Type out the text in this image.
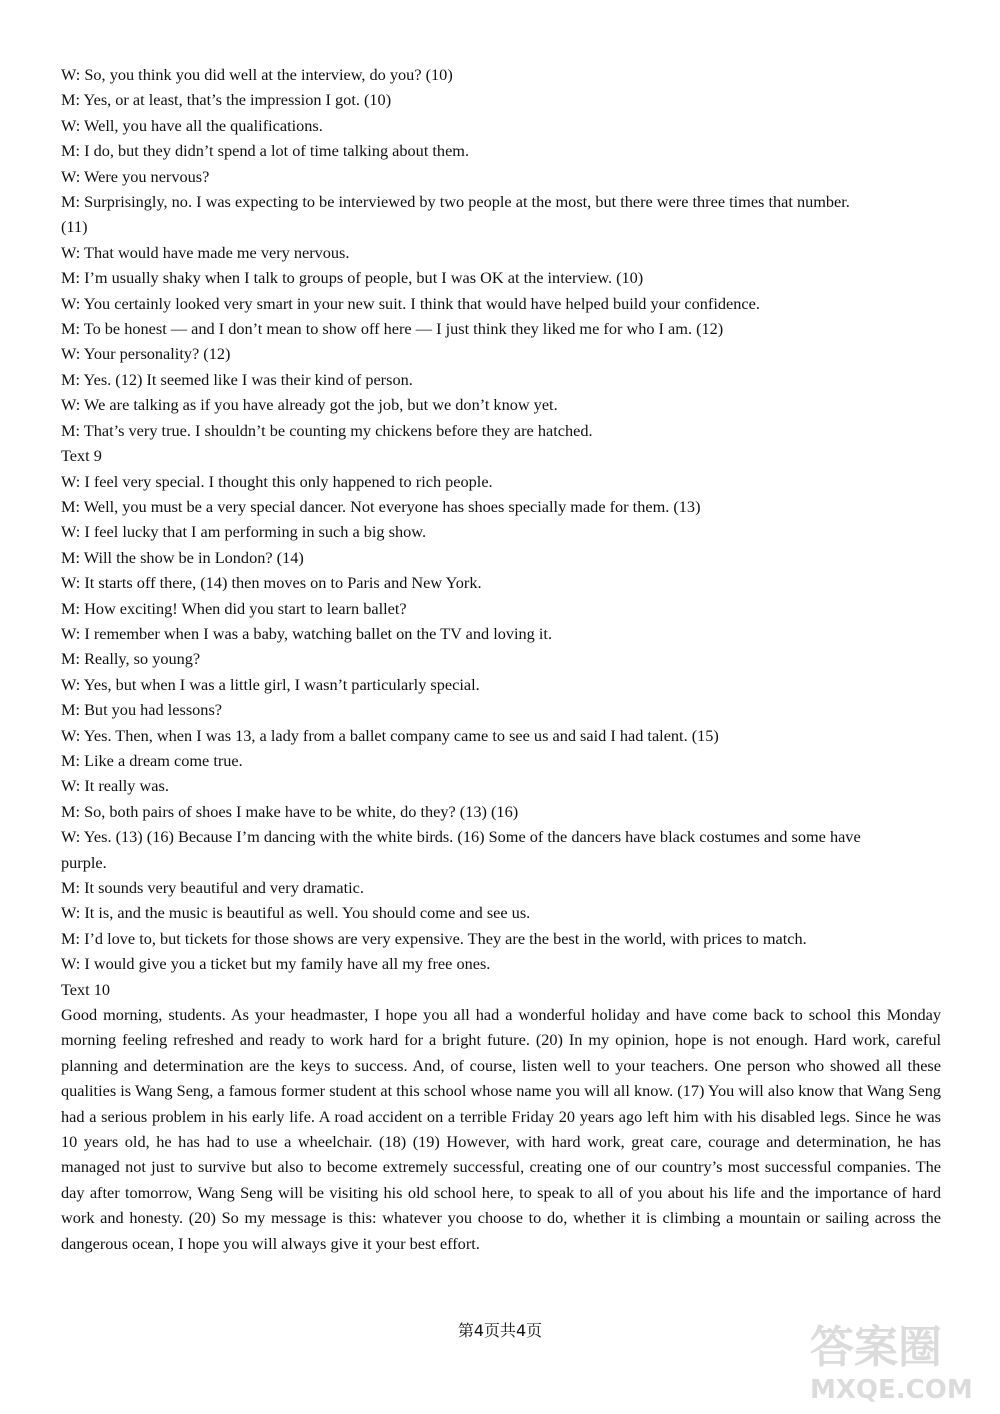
W: So, you think you did well at the interview, do you? (10)
M: Yes, or at least, that’s the impression I got. (10)
W: Well, you have all the qualifications.
M: I do, but they didn’t spend a lot of time talking about them.
W: Were you nervous?
M: Surprisingly, no. I was expecting to be interviewed by two people at the most, but there were three times that number.
(11)
W: That would have made me very nervous.
M: I’m usually shaky when I talk to groups of people, but I was OK at the interview. (10)
W: You certainly looked very smart in your new suit. I think that would have helped build your confidence.
M: To be honest — and I don’t mean to show off here — I just think they liked me for who I am. (12)
W: Your personality? (12)
M: Yes. (12) It seemed like I was their kind of person.
W: We are talking as if you have already got the job, but we don’t know yet.
M: That’s very true. I shouldn’t be counting my chickens before they are hatched.
Text 9
W: I feel very special. I thought this only happened to rich people.
M: Well, you must be a very special dancer. Not everyone has shoes specially made for them. (13)
W: I feel lucky that I am performing in such a big show.
M: Will the show be in London? (14)
W: It starts off there, (14) then moves on to Paris and New York.
M: How exciting! When did you start to learn ballet?
W: I remember when I was a baby, watching ballet on the TV and loving it.
M: Really, so young?
W: Yes, but when I was a little girl, I wasn’t particularly special.
M: But you had lessons?
W: Yes. Then, when I was 13, a lady from a ballet company came to see us and said I had talent. (15)
M: Like a dream come true.
W: It really was.
M: So, both pairs of shoes I make have to be white, do they? (13) (16)
W: Yes. (13) (16) Because I’m dancing with the white birds. (16) Some of the dancers have black costumes and some have
purple.
M: It sounds very beautiful and very dramatic.
W: It is, and the music is beautiful as well. You should come and see us.
M: I’d love to, but tickets for those shows are very expensive. They are the best in the world, with prices to match.
W: I would give you a ticket but my family have all my free ones.
Text 10
Good morning, students. As your headmaster, I hope you all had a wonderful holiday and have come back to school this Monday morning feeling refreshed and ready to work hard for a bright future. (20) In my opinion, hope is not enough. Hard work, careful planning and determination are the keys to success. And, of course, listen well to your teachers. One person who showed all these qualities is Wang Seng, a famous former student at this school whose name you will all know. (17) You will also know that Wang Seng had a serious problem in his early life. A road accident on a terrible Friday 20 years ago left him with his disabled legs. Since he was 10 years old, he has had to use a wheelchair. (18) (19) However, with hard work, great care, courage and determination, he has managed not just to survive but also to become extremely successful, creating one of our country’s most successful companies. The day after tomorrow, Wang Seng will be visiting his old school here, to speak to all of you about his life and the importance of hard work and honesty. (20) So my message is this: whatever you choose to do, whether it is climbing a mountain or sailing across the dangerous ocean, I hope you will always give it your best effort.
第4页共4页	答案圈
MXQE.COM
